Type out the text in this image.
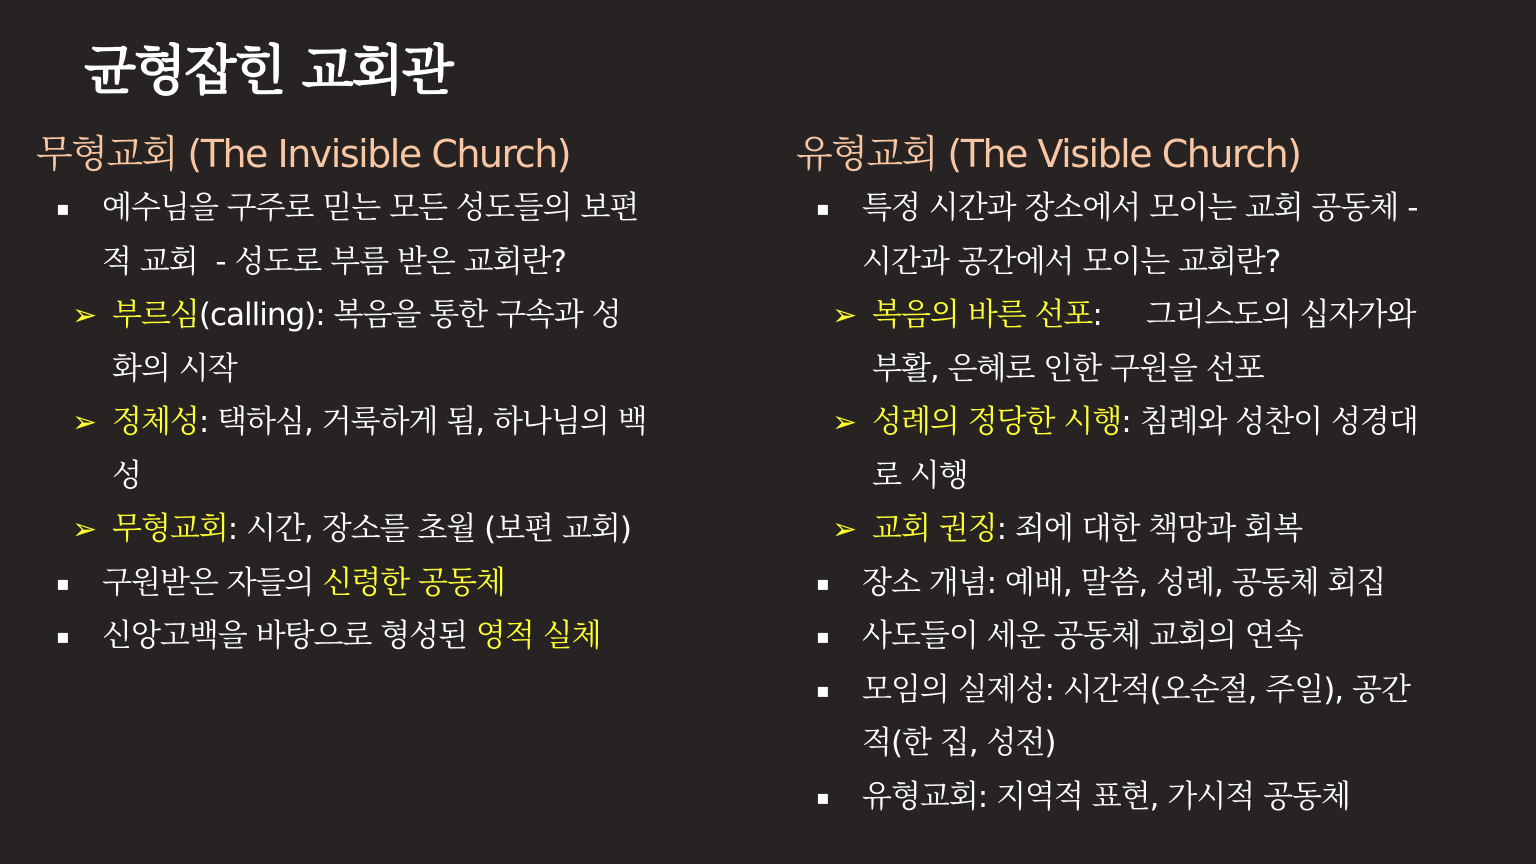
균형잡힌 교회관
무형교회 (The Invisible Church)
▪ 예수님을 구주로 믿는 모든 성도들의 보편
적 교회  - 성도로 부름 받은 교회란?
➢ 부르심(calling): 복음을 통한 구속과 성
화의 시작
➢ 정체성: 택하심, 거룩하게 됨, 하나님의 백
성
➢ 무형교회: 시간, 장소를 초월 (보편 교회)
▪ 구원받은 자들의 신령한 공동체
▪ 신앙고백을 바탕으로 형성된 영적 실체
유형교회 (The Visible Church)
▪ 특정 시간과 장소에서 모이는 교회 공동체 -
시간과 공간에서 모이는 교회란?
➢ 복음의 바른 선포:     그리스도의 십자가와
부활, 은혜로 인한 구원을 선포
➢ 성례의 정당한 시행: 침례와 성찬이 성경대
로 시행
➢ 교회 권징: 죄에 대한 책망과 회복
▪ 장소 개념: 예배, 말씀, 성례, 공동체 회집
▪ 사도들이 세운 공동체 교회의 연속
▪ 모임의 실제성: 시간적(오순절, 주일), 공간
적(한 집, 성전)
▪ 유형교회: 지역적 표현, 가시적 공동체
